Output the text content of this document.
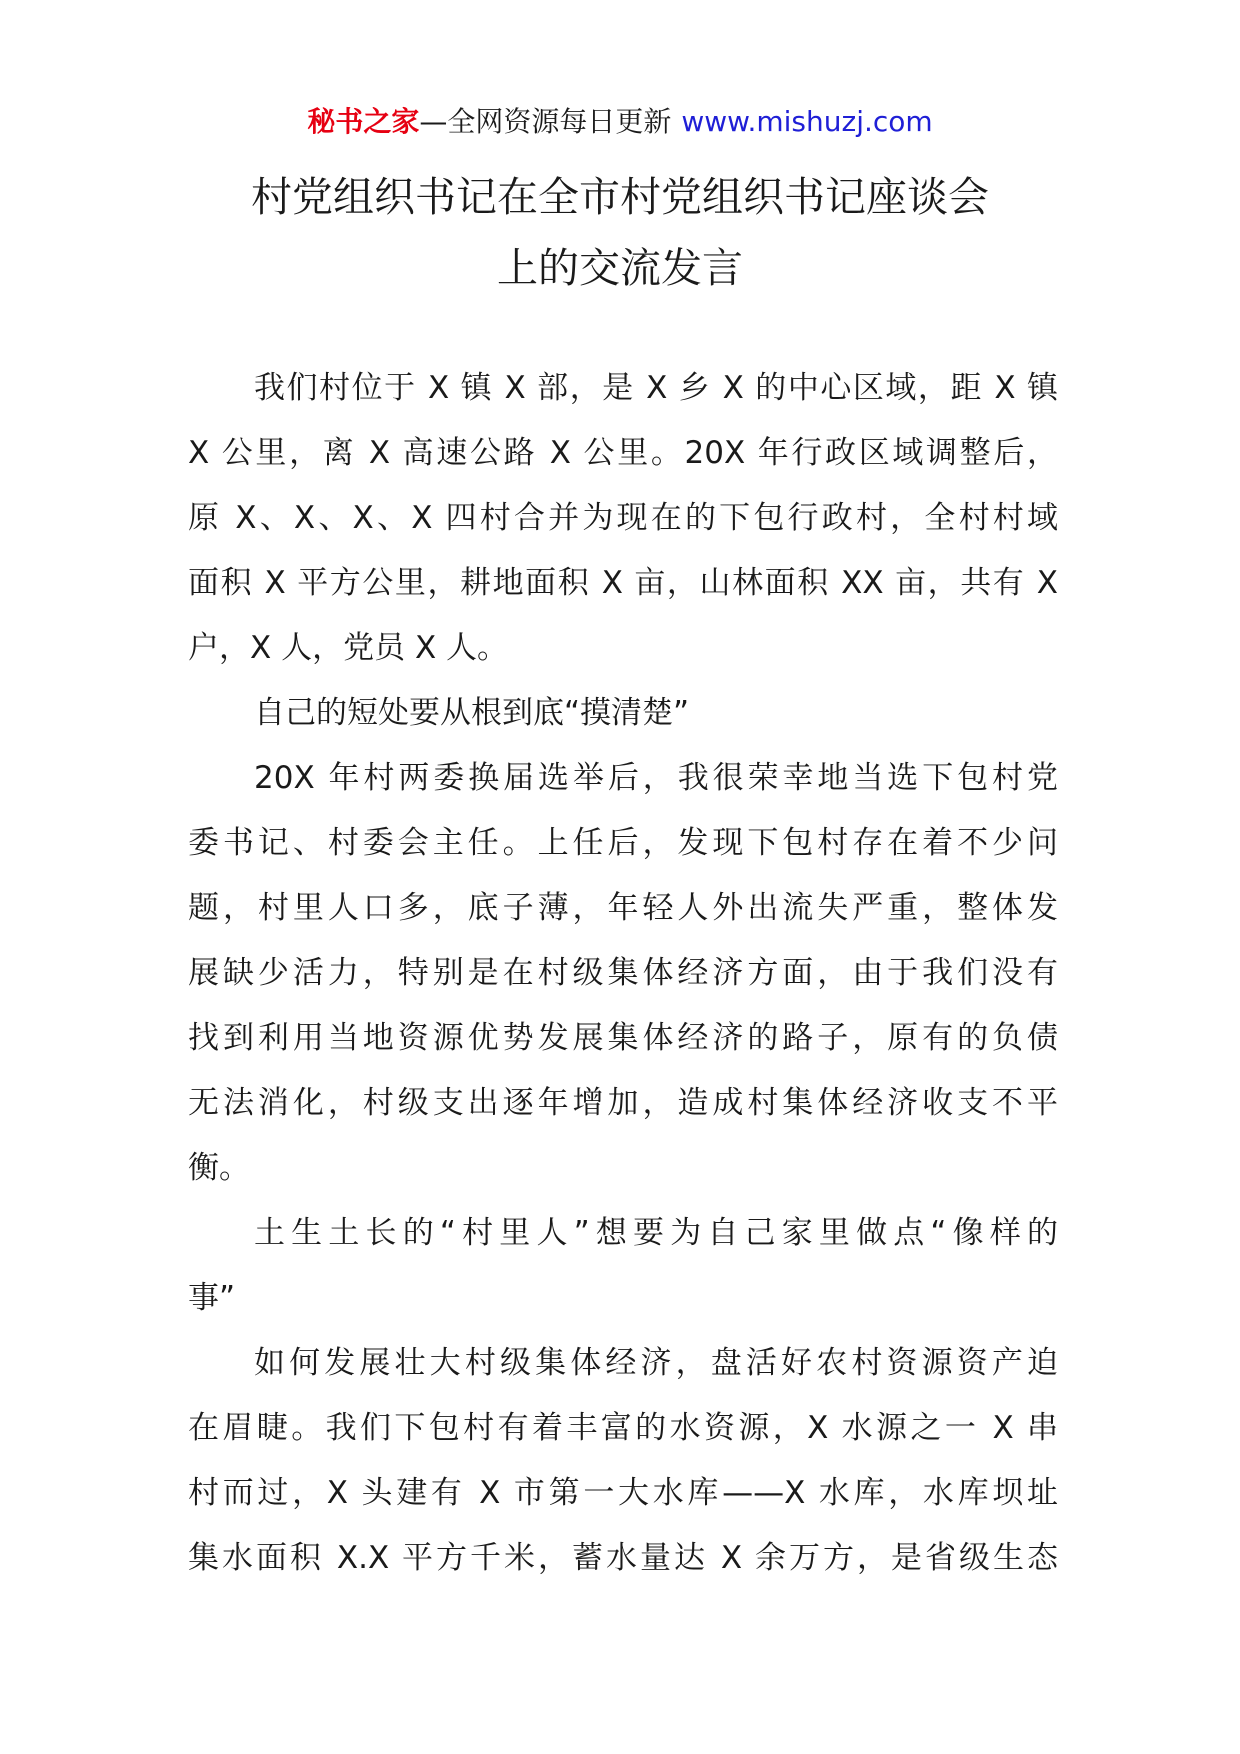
秘书之家—全网资源每日更新 www.mishuzj.com
村党组织书记在全市村党组织书记座谈会
上的交流发言
我们村位于 X 镇 X 部，是 X 乡 X 的中心区域，距 X 镇
X 公里，离 X 高速公路 X 公里。20X 年行政区域调整后，
原 X、X、X、X 四村合并为现在的下包行政村，全村村域
面积 X 平方公里，耕地面积 X 亩，山林面积 XX 亩，共有 X
户，X 人，党员 X 人。
自己的短处要从根到底“摸清楚”
20X 年村两委换届选举后，我很荣幸地当选下包村党
委书记、村委会主任。上任后，发现下包村存在着不少问
题，村里人口多，底子薄，年轻人外出流失严重，整体发
展缺少活力，特别是在村级集体经济方面，由于我们没有
找到利用当地资源优势发展集体经济的路子，原有的负债
无法消化，村级支出逐年增加，造成村集体经济收支不平
衡。
土生土长的“村里人”想要为自己家里做点“像样的
事”
如何发展壮大村级集体经济，盘活好农村资源资产迫
在眉睫。我们下包村有着丰富的水资源，X 水源之一 X 串
村而过，X 头建有 X 市第一大水库——X 水库，水库坝址
集水面积 X.X 平方千米，蓄水量达 X 余万方，是省级生态
